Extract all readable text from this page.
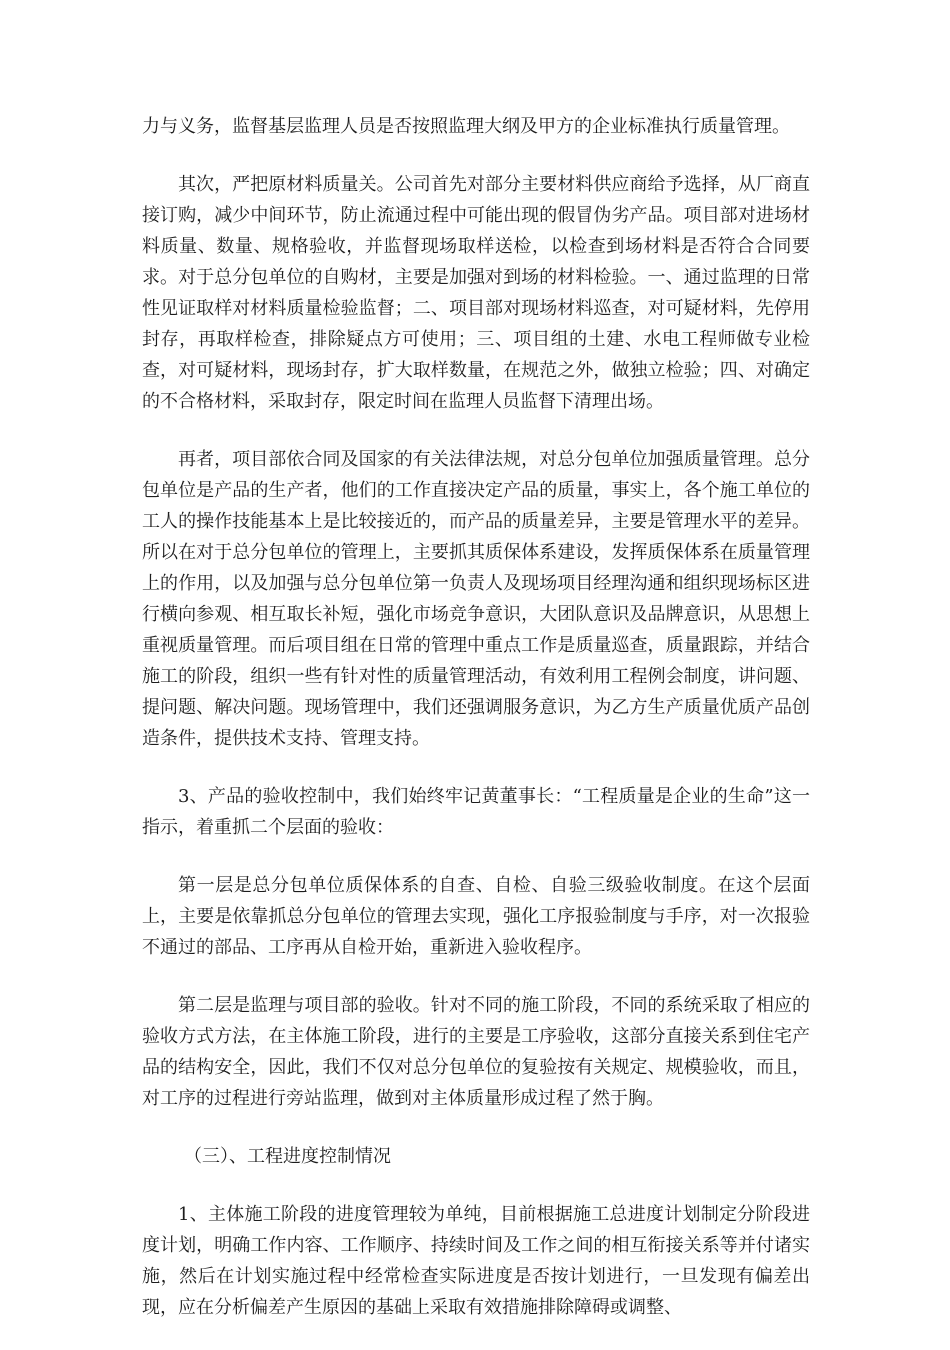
力与义务，监督基层监理人员是否按照监理大纲及甲方的企业标准执行质量管理。

其次，严把原材料质量关。公司首先对部分主要材料供应商给予选择，从厂商直接订购，减少中间环节，防止流通过程中可能出现的假冒伪劣产品。项目部对进场材料质量、数量、规格验收，并监督现场取样送检，以检查到场材料是否符合合同要求。对于总分包单位的自购材，主要是加强对到场的材料检验。一、通过监理的日常性见证取样对材料质量检验监督；二、项目部对现场材料巡查，对可疑材料，先停用封存，再取样检查，排除疑点方可使用；三、项目组的土建、水电工程师做专业检查，对可疑材料，现场封存，扩大取样数量，在规范之外，做独立检验；四、对确定的不合格材料，采取封存，限定时间在监理人员监督下清理出场。

再者，项目部依合同及国家的有关法律法规，对总分包单位加强质量管理。总分包单位是产品的生产者，他们的工作直接决定产品的质量，事实上，各个施工单位的工人的操作技能基本上是比较接近的，而产品的质量差异，主要是管理水平的差异。所以在对于总分包单位的管理上，主要抓其质保体系建设，发挥质保体系在质量管理上的作用，以及加强与总分包单位第一负责人及现场项目经理沟通和组织现场标区进行横向参观、相互取长补短，强化市场竞争意识，大团队意识及品牌意识，从思想上重视质量管理。而后项目组在日常的管理中重点工作是质量巡查，质量跟踪，并结合施工的阶段，组织一些有针对性的质量管理活动，有效利用工程例会制度，讲问题、提问题、解决问题。现场管理中，我们还强调服务意识，为乙方生产质量优质产品创造条件，提供技术支持、管理支持。

3、产品的验收控制中，我们始终牢记黄董事长：“工程质量是企业的生命”这一指示，着重抓二个层面的验收：

第一层是总分包单位质保体系的自查、自检、自验三级验收制度。在这个层面上，主要是依靠抓总分包单位的管理去实现，强化工序报验制度与手序，对一次报验不通过的部品、工序再从自检开始，重新进入验收程序。

第二层是监理与项目部的验收。针对不同的施工阶段，不同的系统采取了相应的验收方式方法，在主体施工阶段，进行的主要是工序验收，这部分直接关系到住宅产品的结构安全，因此，我们不仅对总分包单位的复验按有关规定、规模验收，而且，对工序的过程进行旁站监理，做到对主体质量形成过程了然于胸。

（三）、工程进度控制情况

1、主体施工阶段的进度管理较为单纯，目前根据施工总进度计划制定分阶段进度计划，明确工作内容、工作顺序、持续时间及工作之间的相互衔接关系等并付诸实施，然后在计划实施过程中经常检查实际进度是否按计划进行，一旦发现有偏差出现，应在分析偏差产生原因的基础上采取有效措施排除障碍或调整、
